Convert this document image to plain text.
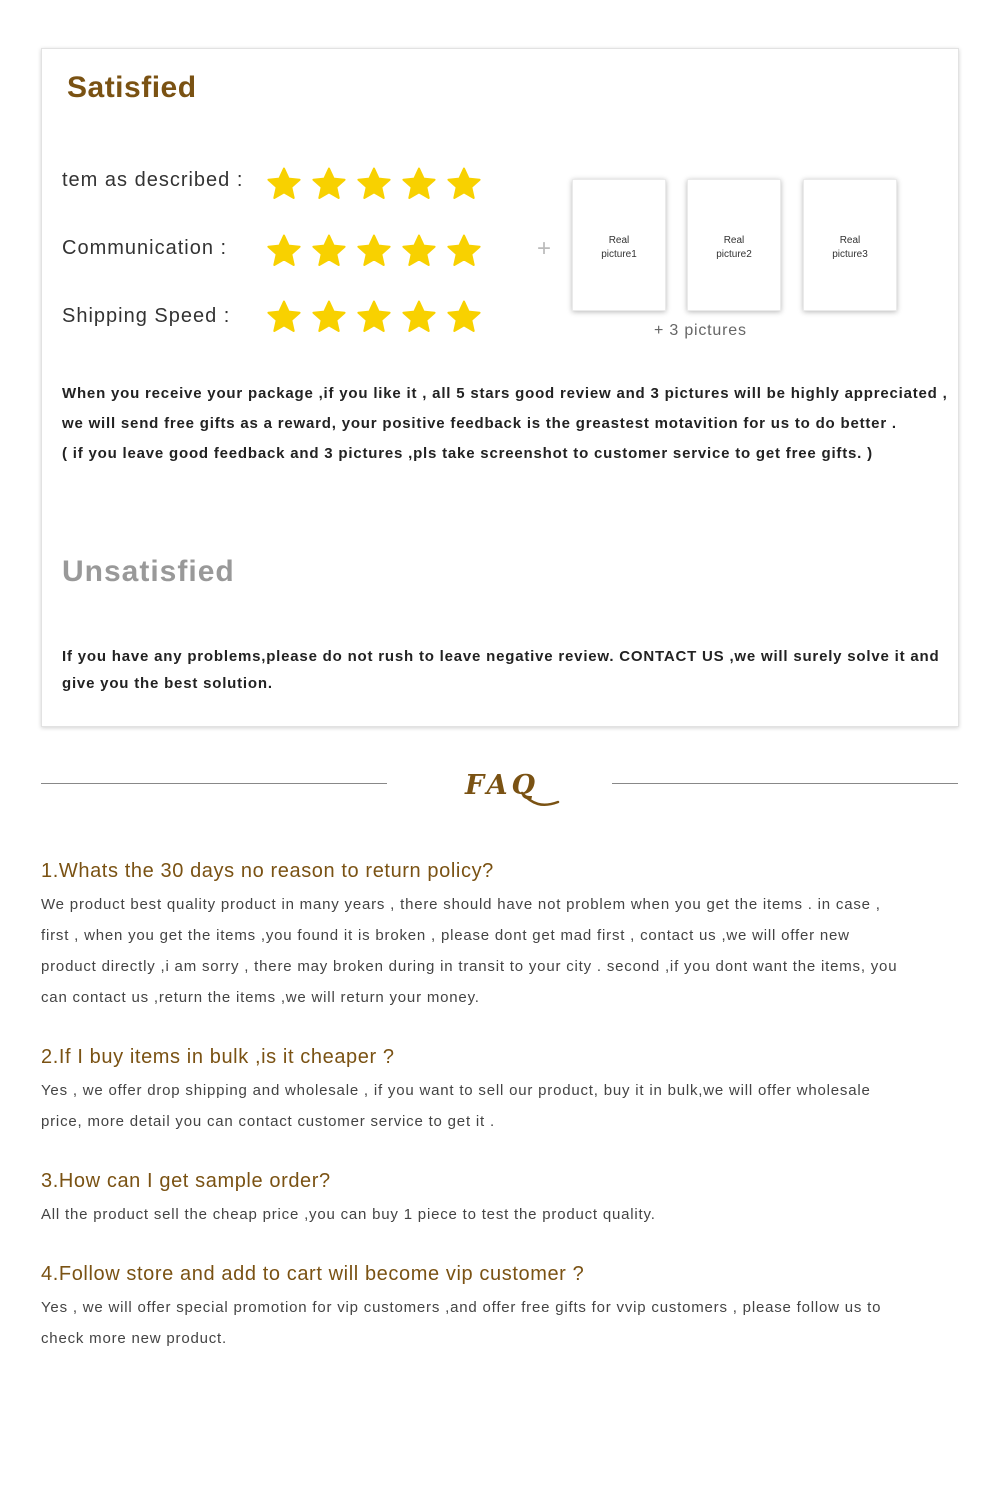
Satisfied
tem as described :
Communication :
Shipping Speed :
+	Real
picture1
Real
picture2
Real
picture3
+ 3 pictures
When you receive your package ,if you like it , all 5 stars good review and 3 pictures will be highly appreciated ,
we will send free gifts as a reward, your positive feedback is the greastest motavition for us to do better .
( if you leave good feedback and 3 pictures ,pls take screenshot to customer service to get free gifts. )
Unsatisfied
If you have any problems,please do not rush to leave negative review. CONTACT US ,we will surely solve it and
give you the best solution.
FAQ
1.Whats the 30 days no reason to return policy?
We product best quality product in many years , there should have not problem when you get the items . in case ,
first , when you get the items ,you found it is broken , please dont get mad first , contact us ,we will offer new
product directly ,i am sorry , there may broken during in transit to your city . second ,if you dont want the items, you
can contact us ,return the items ,we will return your money.
2.If I buy items in bulk ,is it cheaper ?
Yes , we offer drop shipping and wholesale , if you want to sell our product, buy it in bulk,we will offer wholesale
price, more detail you can contact customer service to get it .
3.How can I get sample order?
All the product sell the cheap price ,you can buy 1 piece to test the product quality.
4.Follow store and add to cart will become vip customer ?
Yes , we will offer special promotion for vip customers ,and offer free gifts for vvip customers , please follow us to
check more new product.
